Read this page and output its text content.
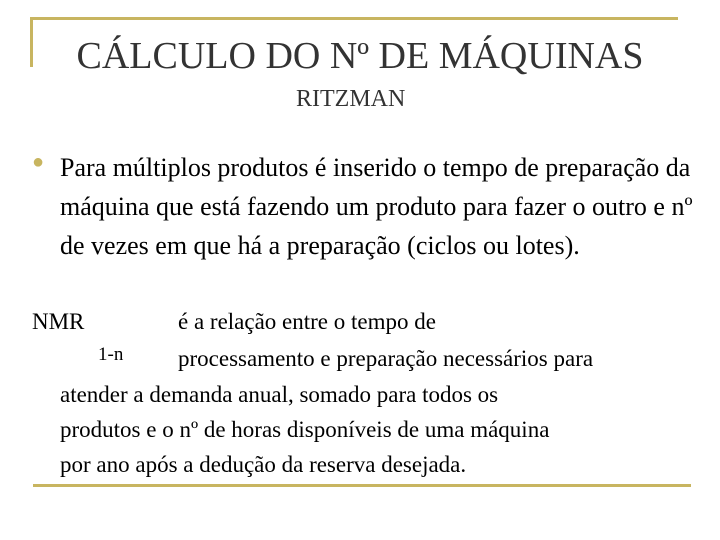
CÁLCULO DO Nº DE MÁQUINAS
RITZMAN
● Para múltiplos produtos é inserido o tempo de preparação da máquina que está fazendo um produto para fazer o outro e nº de vezes em que há a preparação (ciclos ou lotes).
NMR
1-n
é a relação entre o tempo de
processamento e preparação necessários para
atender a demanda anual, somado para todos os
produtos e o nº de horas disponíveis de uma máquina
por ano após a dedução da reserva desejada.
